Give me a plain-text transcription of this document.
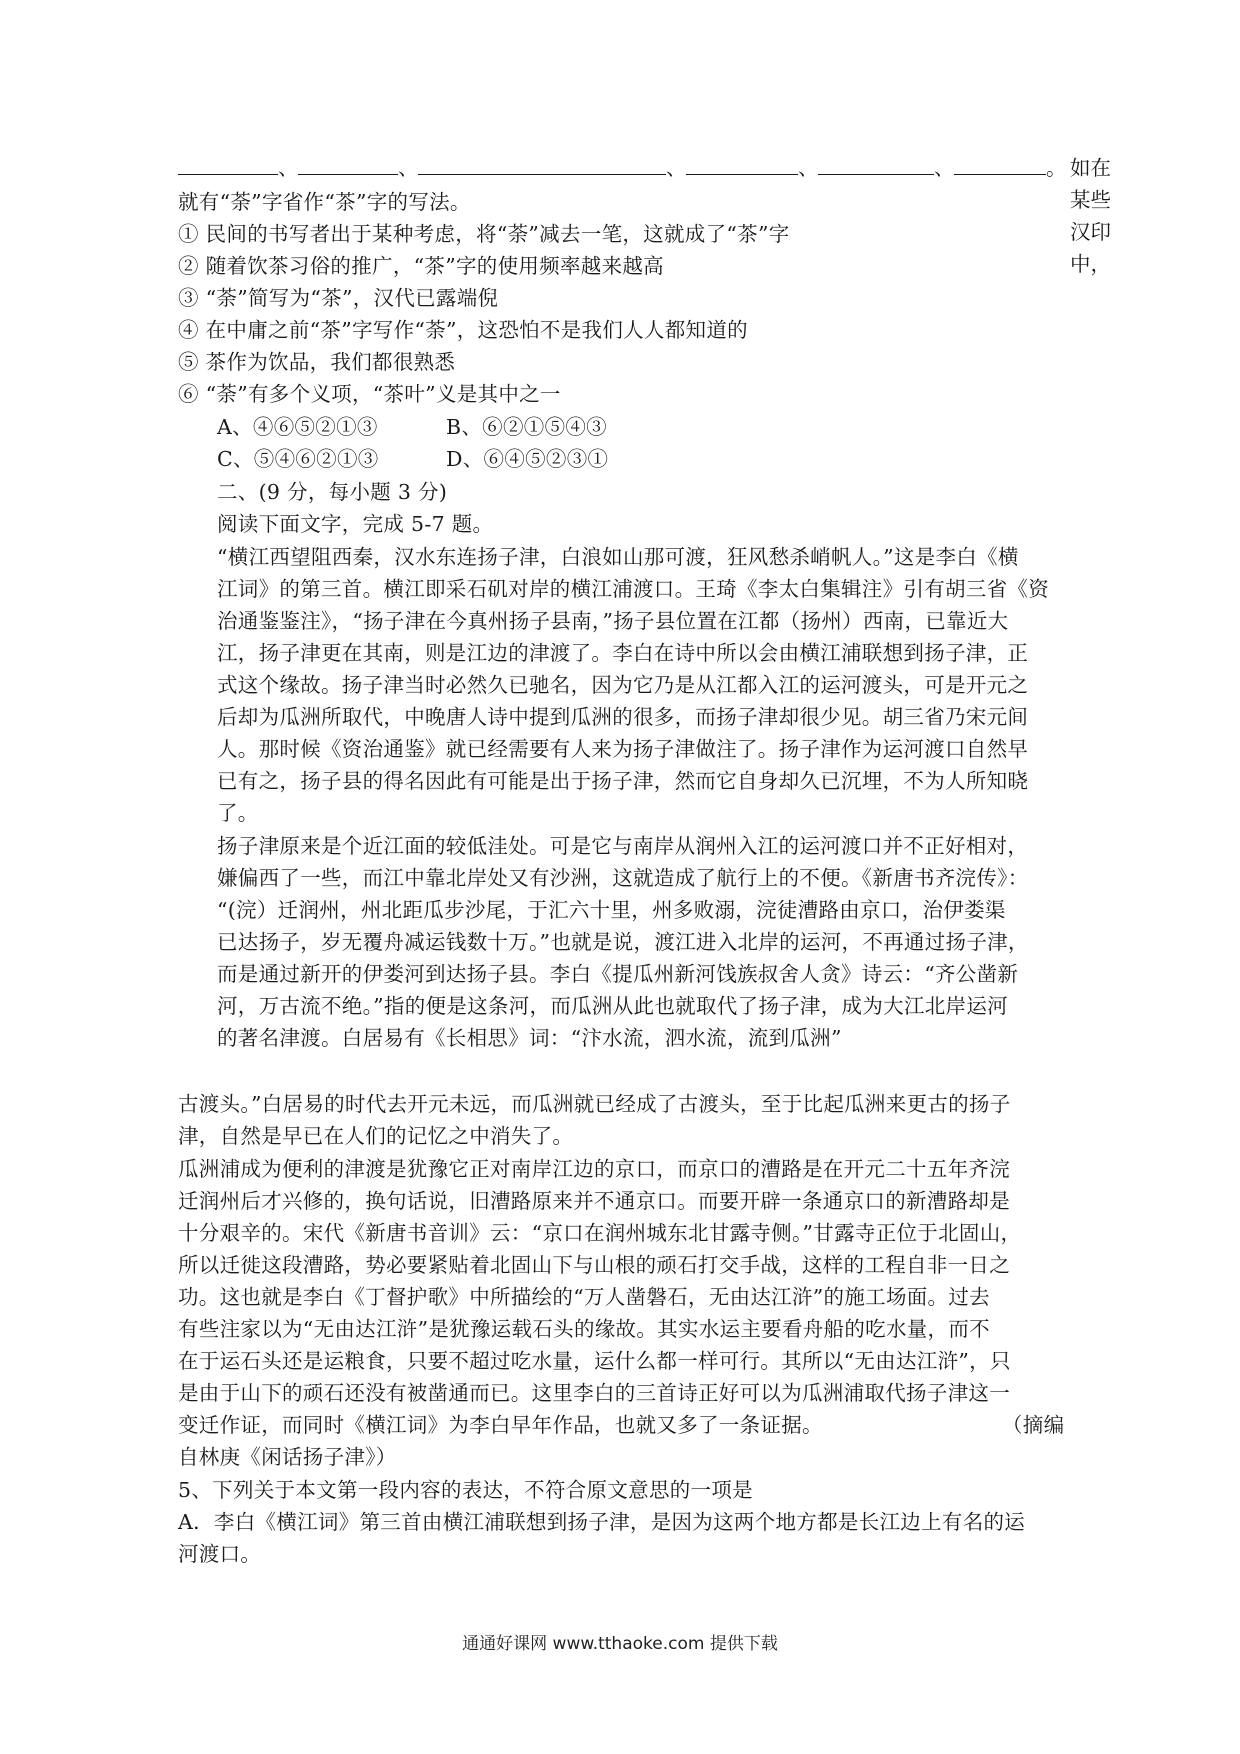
、	、	、	、	、	。 如在某些汉印中，
就有“荼”字省作“茶”字的写法。
① 民间的书写者出于某种考虑，将“荼”减去一笔，这就成了“茶”字
② 随着饮茶习俗的推广，“茶”字的使用频率越来越高
③ “荼”简写为“茶”，汉代已露端倪
④ 在中庸之前“茶”字写作“荼”，这恐怕不是我们人人都知道的
⑤ 茶作为饮品，我们都很熟悉
⑥ “荼”有多个义项，“茶叶”义是其中之一
A、④⑥⑤②①③	B、⑥②①⑤④③
C、⑤④⑥②①③	D、⑥④⑤②③①
二、(9 分，每小题 3 分)
阅读下面文字，完成 5-7 题。
“横江西望阻西秦，汉水东连扬子津，白浪如山那可渡，狂风愁杀峭帆人。”这是李白《横
江词》的第三首。横江即采石矶对岸的横江浦渡口。王琦《李太白集辑注》引有胡三省《资
治通鉴鉴注》，“扬子津在今真州扬子县南，”扬子县位置在江都（扬州）西南，已靠近大
江，扬子津更在其南，则是江边的津渡了。李白在诗中所以会由横江浦联想到扬子津，正
式这个缘故。扬子津当时必然久已驰名，因为它乃是从江都入江的运河渡头，可是开元之
后却为瓜洲所取代，中晚唐人诗中提到瓜洲的很多，而扬子津却很少见。胡三省乃宋元间
人。那时候《资治通鉴》就已经需要有人来为扬子津做注了。扬子津作为运河渡口自然早
已有之，扬子县的得名因此有可能是出于扬子津，然而它自身却久已沉埋，不为人所知晓
了。
扬子津原来是个近江面的较低洼处。可是它与南岸从润州入江的运河渡口并不正好相对，
嫌偏西了一些，而江中靠北岸处又有沙洲，这就造成了航行上的不便。《新唐书齐浣传》：
“(浣）迁润州，州北距瓜步沙尾，于汇六十里，州多败溺，浣徒漕路由京口，治伊娄渠
已达扬子，岁无覆舟减运钱数十万。”也就是说，渡江进入北岸的运河，不再通过扬子津，
而是通过新开的伊娄河到达扬子县。李白《提瓜州新河饯族叔舍人贪》诗云：“齐公凿新
河，万古流不绝。”指的便是这条河，而瓜洲从此也就取代了扬子津，成为大江北岸运河
的著名津渡。白居易有《长相思》词：“汴水流，泗水流，流到瓜洲”
古渡头。”白居易的时代去开元未远，而瓜洲就已经成了古渡头，至于比起瓜洲来更古的扬子
津，自然是早已在人们的记忆之中消失了。
瓜洲浦成为便利的津渡是犹豫它正对南岸江边的京口，而京口的漕路是在开元二十五年齐浣
迁润州后才兴修的，换句话说，旧漕路原来并不通京口。而要开辟一条通京口的新漕路却是
十分艰辛的。宋代《新唐书音训》云：“京口在润州城东北甘露寺侧。”甘露寺正位于北固山，
所以迁徙这段漕路，势必要紧贴着北固山下与山根的顽石打交手战，这样的工程自非一日之
功。这也就是李白《丁督护歌》中所描绘的“万人凿磐石，无由达江浒”的施工场面。过去
有些注家以为“无由达江浒”是犹豫运载石头的缘故。其实水运主要看舟船的吃水量，而不
在于运石头还是运粮食，只要不超过吃水量，运什么都一样可行。其所以“无由达江浒”，只
是由于山下的顽石还没有被凿通而已。这里李白的三首诗正好可以为瓜洲浦取代扬子津这一
变迁作证，而同时《横江词》为李白早年作品，也就又多了一条证据。	（摘编
自林庚《闲话扬子津》）
5、下列关于本文第一段内容的表达，不符合原文意思的一项是
A．李白《横江词》第三首由横江浦联想到扬子津，是因为这两个地方都是长江边上有名的运
河渡口。
通通好课网 www.tthaoke.com 提供下载
